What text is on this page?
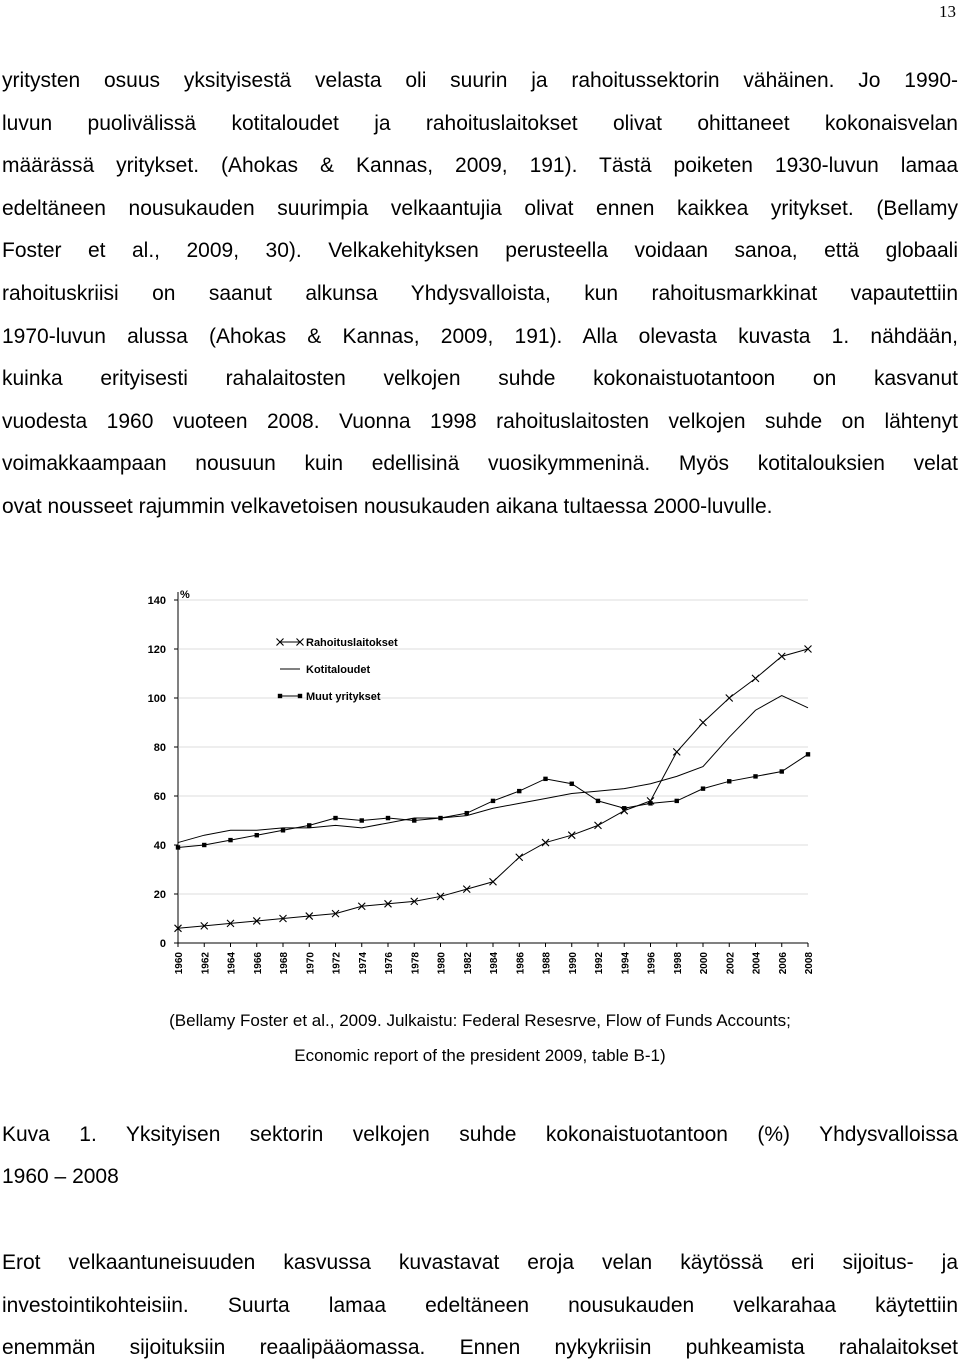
13
yritysten osuus yksityisestä velasta oli suurin ja rahoitussektorin vähäinen. Jo 1990-
luvun puolivälissä kotitaloudet ja rahoituslaitokset olivat ohittaneet kokonaisvelan
määrässä yritykset. (Ahokas & Kannas, 2009, 191). Tästä poiketen 1930-luvun lamaa
edeltäneen nousukauden suurimpia velkaantujia olivat ennen kaikkea yritykset. (Bellamy
Foster et al., 2009, 30). Velkakehityksen perusteella voidaan sanoa, että globaali
rahoituskriisi on saanut alkunsa Yhdysvalloista, kun rahoitusmarkkinat vapautettiin
1970-luvun alussa (Ahokas & Kannas, 2009, 191). Alla olevasta kuvasta 1. nähdään,
kuinka erityisesti rahalaitosten velkojen suhde kokonaistuotantoon on kasvanut
vuodesta 1960 vuoteen 2008. Vuonna 1998 rahoituslaitosten velkojen suhde on lähtenyt
voimakkaampaan nousuun kuin edellisinä vuosikymmeninä. Myös kotitalouksien velat
ovat nousseet rajummin velkavetoisen nousukauden aikana tultaessa 2000-luvulle.
0
20
40
60
80
100
120
140
1960 1962 1964 1966 1968 1970 1972 1974 1976 1978 1980 1982 1984 1986 1988 1990 1992 1994 1996 1998 2000 2002 2004 2006 2008
Rahoituslaitokset
Kotitaloudet
Muut yritykset
%
(Bellamy Foster et al., 2009. Julkaistu: Federal Resesrve, Flow of Funds Accounts;
Economic report of the president 2009, table B-1)
Kuva 1. Yksityisen sektorin velkojen suhde kokonaistuotantoon (%) Yhdysvalloissa
1960 – 2008
Erot velkaantuneisuuden kasvussa kuvastavat eroja velan käytössä eri sijoitus- ja
investointikohteisiin. Suurta lamaa edeltäneen nousukauden velkarahaa käytettiin
enemmän sijoituksiin reaalipääomassa. Ennen nykykriisin puhkeamista rahalaitokset
